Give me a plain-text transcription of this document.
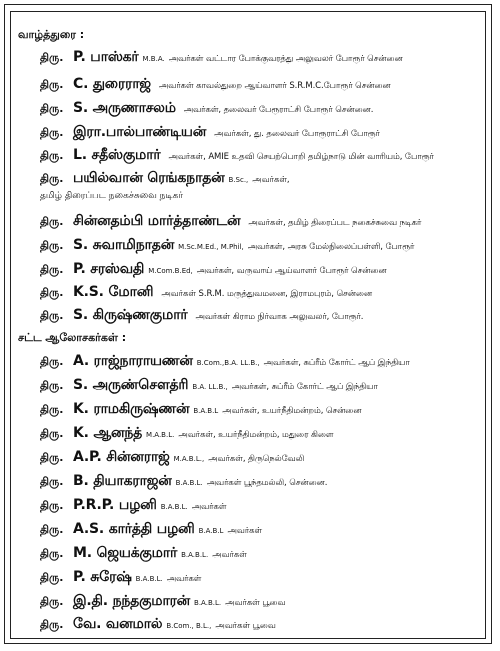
வாழ்த்துரை :
திரு. P. பாஸ்கர் M.B.A. அவர்கள் வட்டார போக்குவரத்து அலுவலர் போரூர் சென்னை
திரு. C. துரைராஜ் அவர்கள் காவல்துறை ஆய்வாளர் S.R.M.C.போரூர் சென்னை
திரு. S. அருணாசலம் அவர்கள், தலைவர் பேரூராட்சி போரூர் சென்னை.
திரு. இரா.பால்பாண்டியன் அவர்கள், து. தலைவர் போரூராட்சி போரூர்
திரு. L. சதீஸ்குமார் அவர்கள், AMIE உதவி செயற்பொறி தமிழ்நாடு மின் வாரியம், போரூர்
திரு. பயில்வான் ரெங்கநாதன் B.Sc., அவர்கள்,
தமிழ் திரைப்பட நகைச்சுவை நடிகர்
திரு. சின்னதம்பி மார்த்தாண்டன் அவர்கள், தமிழ் திரைப்பட நகைச்சுவை நடிகர்
திரு. S. சுவாமிநாதன் M.Sc.M.Ed., M.Phil, அவர்கள், அரசு மேல்நிலைப்பள்ளி, போரூர்
திரு. P. சரஸ்வதி M.Com.B.Ed, அவர்கள், வருவாய் ஆய்வாளர் போரூர் சென்னை
திரு. K.S. மோனி அவர்கள் S.R.M. மருத்துவமனை, இராமபுரம், சென்னை
திரு. S. கிருஷ்ணகுமார் அவர்கள் கிராம நிர்வாக அலுவலர், போரூர்.
சட்ட ஆலோசகர்கள் :
திரு. A. ராஜ்நாராயணன் B.Com.,B.A. LL.B., அவர்கள், சுப்ரீம் கோர்ட் ஆப் இந்தியா
திரு. S. அருண்சௌத்ரி B.A. LL.B., அவர்கள், சுப்ரீம் கோர்ட் ஆப் இந்தியா
திரு. K. ராமகிருஷ்ணன் B.A.B.L அவர்கள், உயர்நீதிமன்றம், சென்னை
திரு. K. ஆனந்த் M.A.B.L. அவர்கள், உயர்நீதிமன்றம், மதுரை கிளை
திரு. A.P. சின்னராஜ் M.A.B.L., அவர்கள், திருநெல்வேலி
திரு. B. தியாகராஜன் B.A.B.L. அவர்கள் பூந்தமல்லி, சென்னை.
திரு. P.R.P. பழனி B.A.B.L. அவர்கள்
திரு. A.S. கார்த்தி பழனி B.A.B.L அவர்கள்
திரு. M. ஜெயக்குமார் B.A.B.L. அவர்கள்
திரு. P. சுரேஷ் B.A.B.L. அவர்கள்
திரு. இ.தி. நந்தகுமாரன் B.A.B.L. அவர்கள் பூவை
திரு. வே. வனமால் B.Com., B.L., அவர்கள் பூவை
